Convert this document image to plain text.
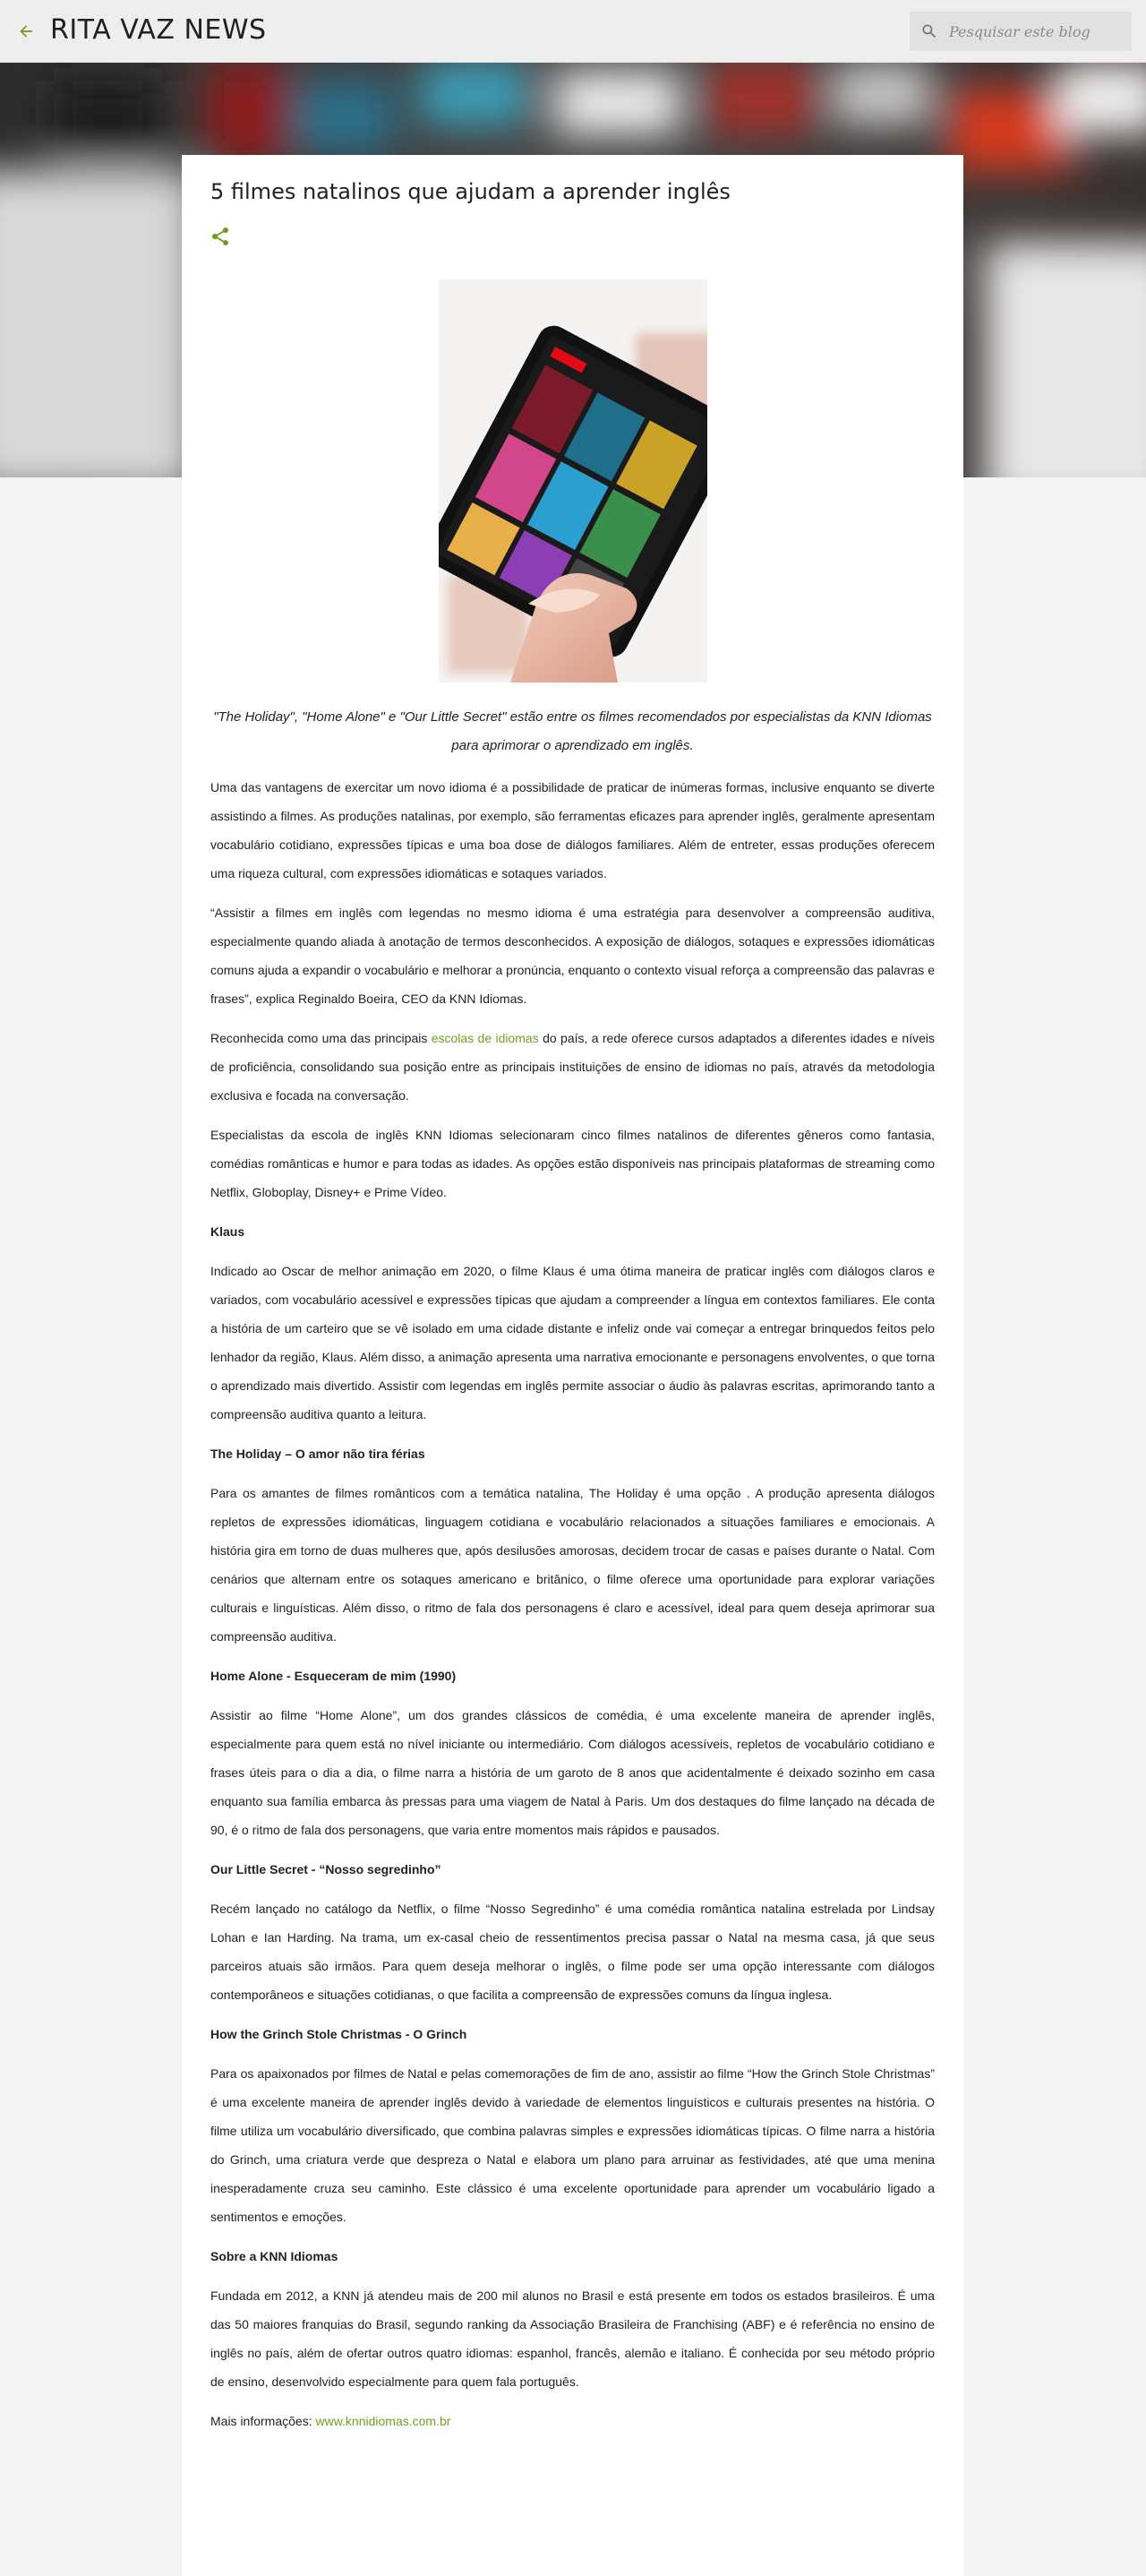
RITA VAZ NEWS
Pesquisar este blog
5 filmes natalinos que ajudam a aprender inglês

"The Holiday", "Home Alone" e "Our Little Secret" estão entre os filmes recomendados por especialistas da KNN Idiomas para aprimorar o aprendizado em inglês.

Uma das vantagens de exercitar um novo idioma é a possibilidade de praticar de inúmeras formas, inclusive enquanto se diverte assistindo a filmes. As produções natalinas, por exemplo, são ferramentas eficazes para aprender inglês, geralmente apresentam vocabulário cotidiano, expressões típicas e uma boa dose de diálogos familiares. Além de entreter, essas produções oferecem uma riqueza cultural, com expressões idiomáticas e sotaques variados.

“Assistir a filmes em inglês com legendas no mesmo idioma é uma estratégia para desenvolver a compreensão auditiva, especialmente quando aliada à anotação de termos desconhecidos. A exposição de diálogos, sotaques e expressões idiomáticas comuns ajuda a expandir o vocabulário e melhorar a pronúncia, enquanto o contexto visual reforça a compreensão das palavras e frases”, explica Reginaldo Boeira, CEO da KNN Idiomas.

Reconhecida como uma das principais escolas de idiomas do país, a rede oferece cursos adaptados a diferentes idades e níveis de proficiência, consolidando sua posição entre as principais instituições de ensino de idiomas no país, através da metodologia exclusiva e focada na conversação.

Especialistas da escola de inglês KNN Idiomas selecionaram cinco filmes natalinos de diferentes gêneros como fantasia, comédias românticas e humor e para todas as idades. As opções estão disponíveis nas principais plataformas de streaming como Netflix, Globoplay, Disney+ e Prime Vídeo.

Klaus

Indicado ao Oscar de melhor animação em 2020, o filme Klaus é uma ótima maneira de praticar inglês com diálogos claros e variados, com vocabulário acessível e expressões típicas que ajudam a compreender a língua em contextos familiares. Ele conta a história de um carteiro que se vê isolado em uma cidade distante e infeliz onde vai começar a entregar brinquedos feitos pelo lenhador da região, Klaus. Além disso, a animação apresenta uma narrativa emocionante e personagens envolventes, o que torna o aprendizado mais divertido. Assistir com legendas em inglês permite associar o áudio às palavras escritas, aprimorando tanto a compreensão auditiva quanto a leitura.

The Holiday – O amor não tira férias

Para os amantes de filmes românticos com a temática natalina, The Holiday é uma opção . A produção apresenta diálogos repletos de expressões idiomáticas, linguagem cotidiana e vocabulário relacionados a situações familiares e emocionais. A história gira em torno de duas mulheres que, após desilusões amorosas, decidem trocar de casas e países durante o Natal. Com cenários que alternam entre os sotaques americano e britânico, o filme oferece uma oportunidade para explorar variações culturais e linguísticas. Além disso, o ritmo de fala dos personagens é claro e acessível, ideal para quem deseja aprimorar sua compreensão auditiva.

Home Alone - Esqueceram de mim (1990)

Assistir ao filme “Home Alone”, um dos grandes clássicos de comédia, é uma excelente maneira de aprender inglês, especialmente para quem está no nível iniciante ou intermediário. Com diálogos acessíveis, repletos de vocabulário cotidiano e frases úteis para o dia a dia, o filme narra a história de um garoto de 8 anos que acidentalmente é deixado sozinho em casa enquanto sua família embarca às pressas para uma viagem de Natal à Paris. Um dos destaques do filme lançado na década de 90, é o ritmo de fala dos personagens, que varia entre momentos mais rápidos e pausados.

Our Little Secret - “Nosso segredinho”

Recém lançado no catálogo da Netflix, o filme “Nosso Segredinho” é uma comédia romântica natalina estrelada por Lindsay Lohan e Ian Harding. Na trama, um ex-casal cheio de ressentimentos precisa passar o Natal na mesma casa, já que seus parceiros atuais são irmãos. Para quem deseja melhorar o inglês, o filme pode ser uma opção interessante com diálogos contemporâneos e situações cotidianas, o que facilita a compreensão de expressões comuns da língua inglesa.

How the Grinch Stole Christmas - O Grinch

Para os apaixonados por filmes de Natal e pelas comemorações de fim de ano, assistir ao filme “How the Grinch Stole Christmas” é uma excelente maneira de aprender inglês devido à variedade de elementos linguísticos e culturais presentes na história. O filme utiliza um vocabulário diversificado, que combina palavras simples e expressões idiomáticas típicas. O filme narra a história do Grinch, uma criatura verde que despreza o Natal e elabora um plano para arruinar as festividades, até que uma menina inesperadamente cruza seu caminho. Este clássico é uma excelente oportunidade para aprender um vocabulário ligado a sentimentos e emoções.

Sobre a KNN Idiomas

Fundada em 2012, a KNN já atendeu mais de 200 mil alunos no Brasil e está presente em todos os estados brasileiros. É uma das 50 maiores franquias do Brasil, segundo ranking da Associação Brasileira de Franchising (ABF) e é referência no ensino de inglês no país, além de ofertar outros quatro idiomas: espanhol, francês, alemão e italiano. É conhecida por seu método próprio de ensino, desenvolvido especialmente para quem fala português.

Mais informações: www.knnidiomas.com.br
